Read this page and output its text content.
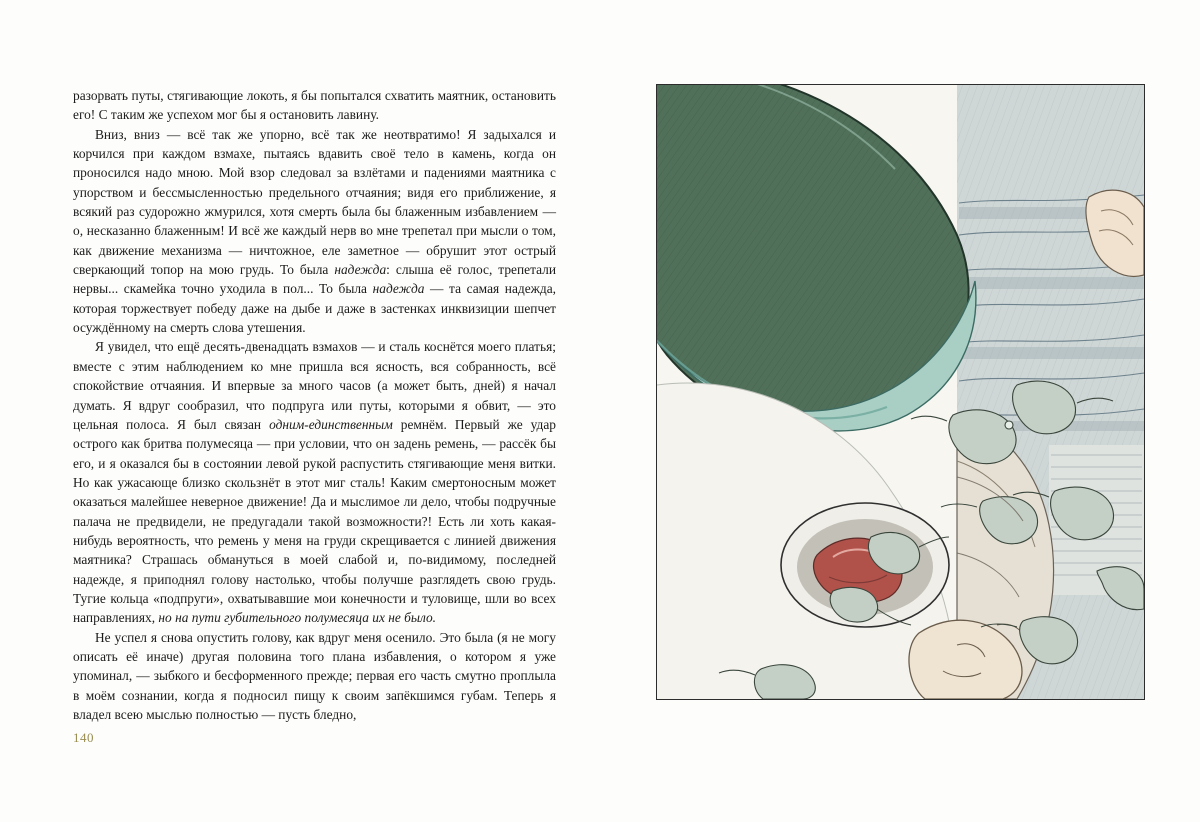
разорвать путы, стягивающие локоть, я бы попытался схватить маятник, остановить его! С таким же успехом мог бы я остановить лавину.

Вниз, вниз — всё так же упорно, всё так же неотвратимо! Я задыхался и корчился при каждом взмахе, пытаясь вдавить своё тело в камень, когда он проносился надо мною. Мой взор следовал за взлётами и падениями маятника с упорством и бессмысленностью предельного отчаяния; видя его приближение, я всякий раз судорожно жмурился, хотя смерть была бы блаженным избавлением — о, несказанно блаженным! И всё же каждый нерв во мне трепетал при мысли о том, как движение механизма — ничтожное, еле заметное — обрушит этот острый сверкающий топор на мою грудь. То была надежда: слыша её голос, трепетали нервы... скамейка точно уходила в пол... То была надежда — та самая надежда, которая торжествует победу даже на дыбе и даже в застенках инквизиции шепчет осуждённому на смерть слова утешения.

Я увидел, что ещё десять-двенадцать взмахов — и сталь коснётся моего платья; вместе с этим наблюдением ко мне пришла вся ясность, вся собранность, всё спокойствие отчаяния. И впервые за много часов (а может быть, дней) я начал думать. Я вдруг сообразил, что подпруга или путы, которыми я обвит, — это цельная полоса. Я был связан одним-единственным ремнём. Первый же удар острого как бритва полумесяца — при условии, что он задень ремень, — рассёк бы его, и я оказался бы в состоянии левой рукой распустить стягивающие меня витки. Но как ужасающе близко скользнёт в этот миг сталь! Каким смертоносным может оказаться малейшее неверное движение! Да и мыслимое ли дело, чтобы подручные палача не предвидели, не предугадали такой возможности?! Есть ли хоть какая-нибудь вероятность, что ремень у меня на груди скрещивается с линией движения маятника? Страшась обмануться в моей слабой и, по-видимому, последней надежде, я приподнял голову настолько, чтобы получше разглядеть свою грудь. Тугие кольца «подпруги», охватывавшие мои конечности и туловище, шли во всех направлениях, но на пути губительного полумесяца их не было.

Не успел я снова опустить голову, как вдруг меня осенило. Это была (я не могу описать её иначе) другая половина того плана избавления, о котором я уже упоминал, — зыбкого и бесформенного прежде; первая его часть смутно проплыла в моём сознании, когда я подносил пищу к своим запёкшимся губам. Теперь я владел всею мыслью полностью — пусть бледно,

140
